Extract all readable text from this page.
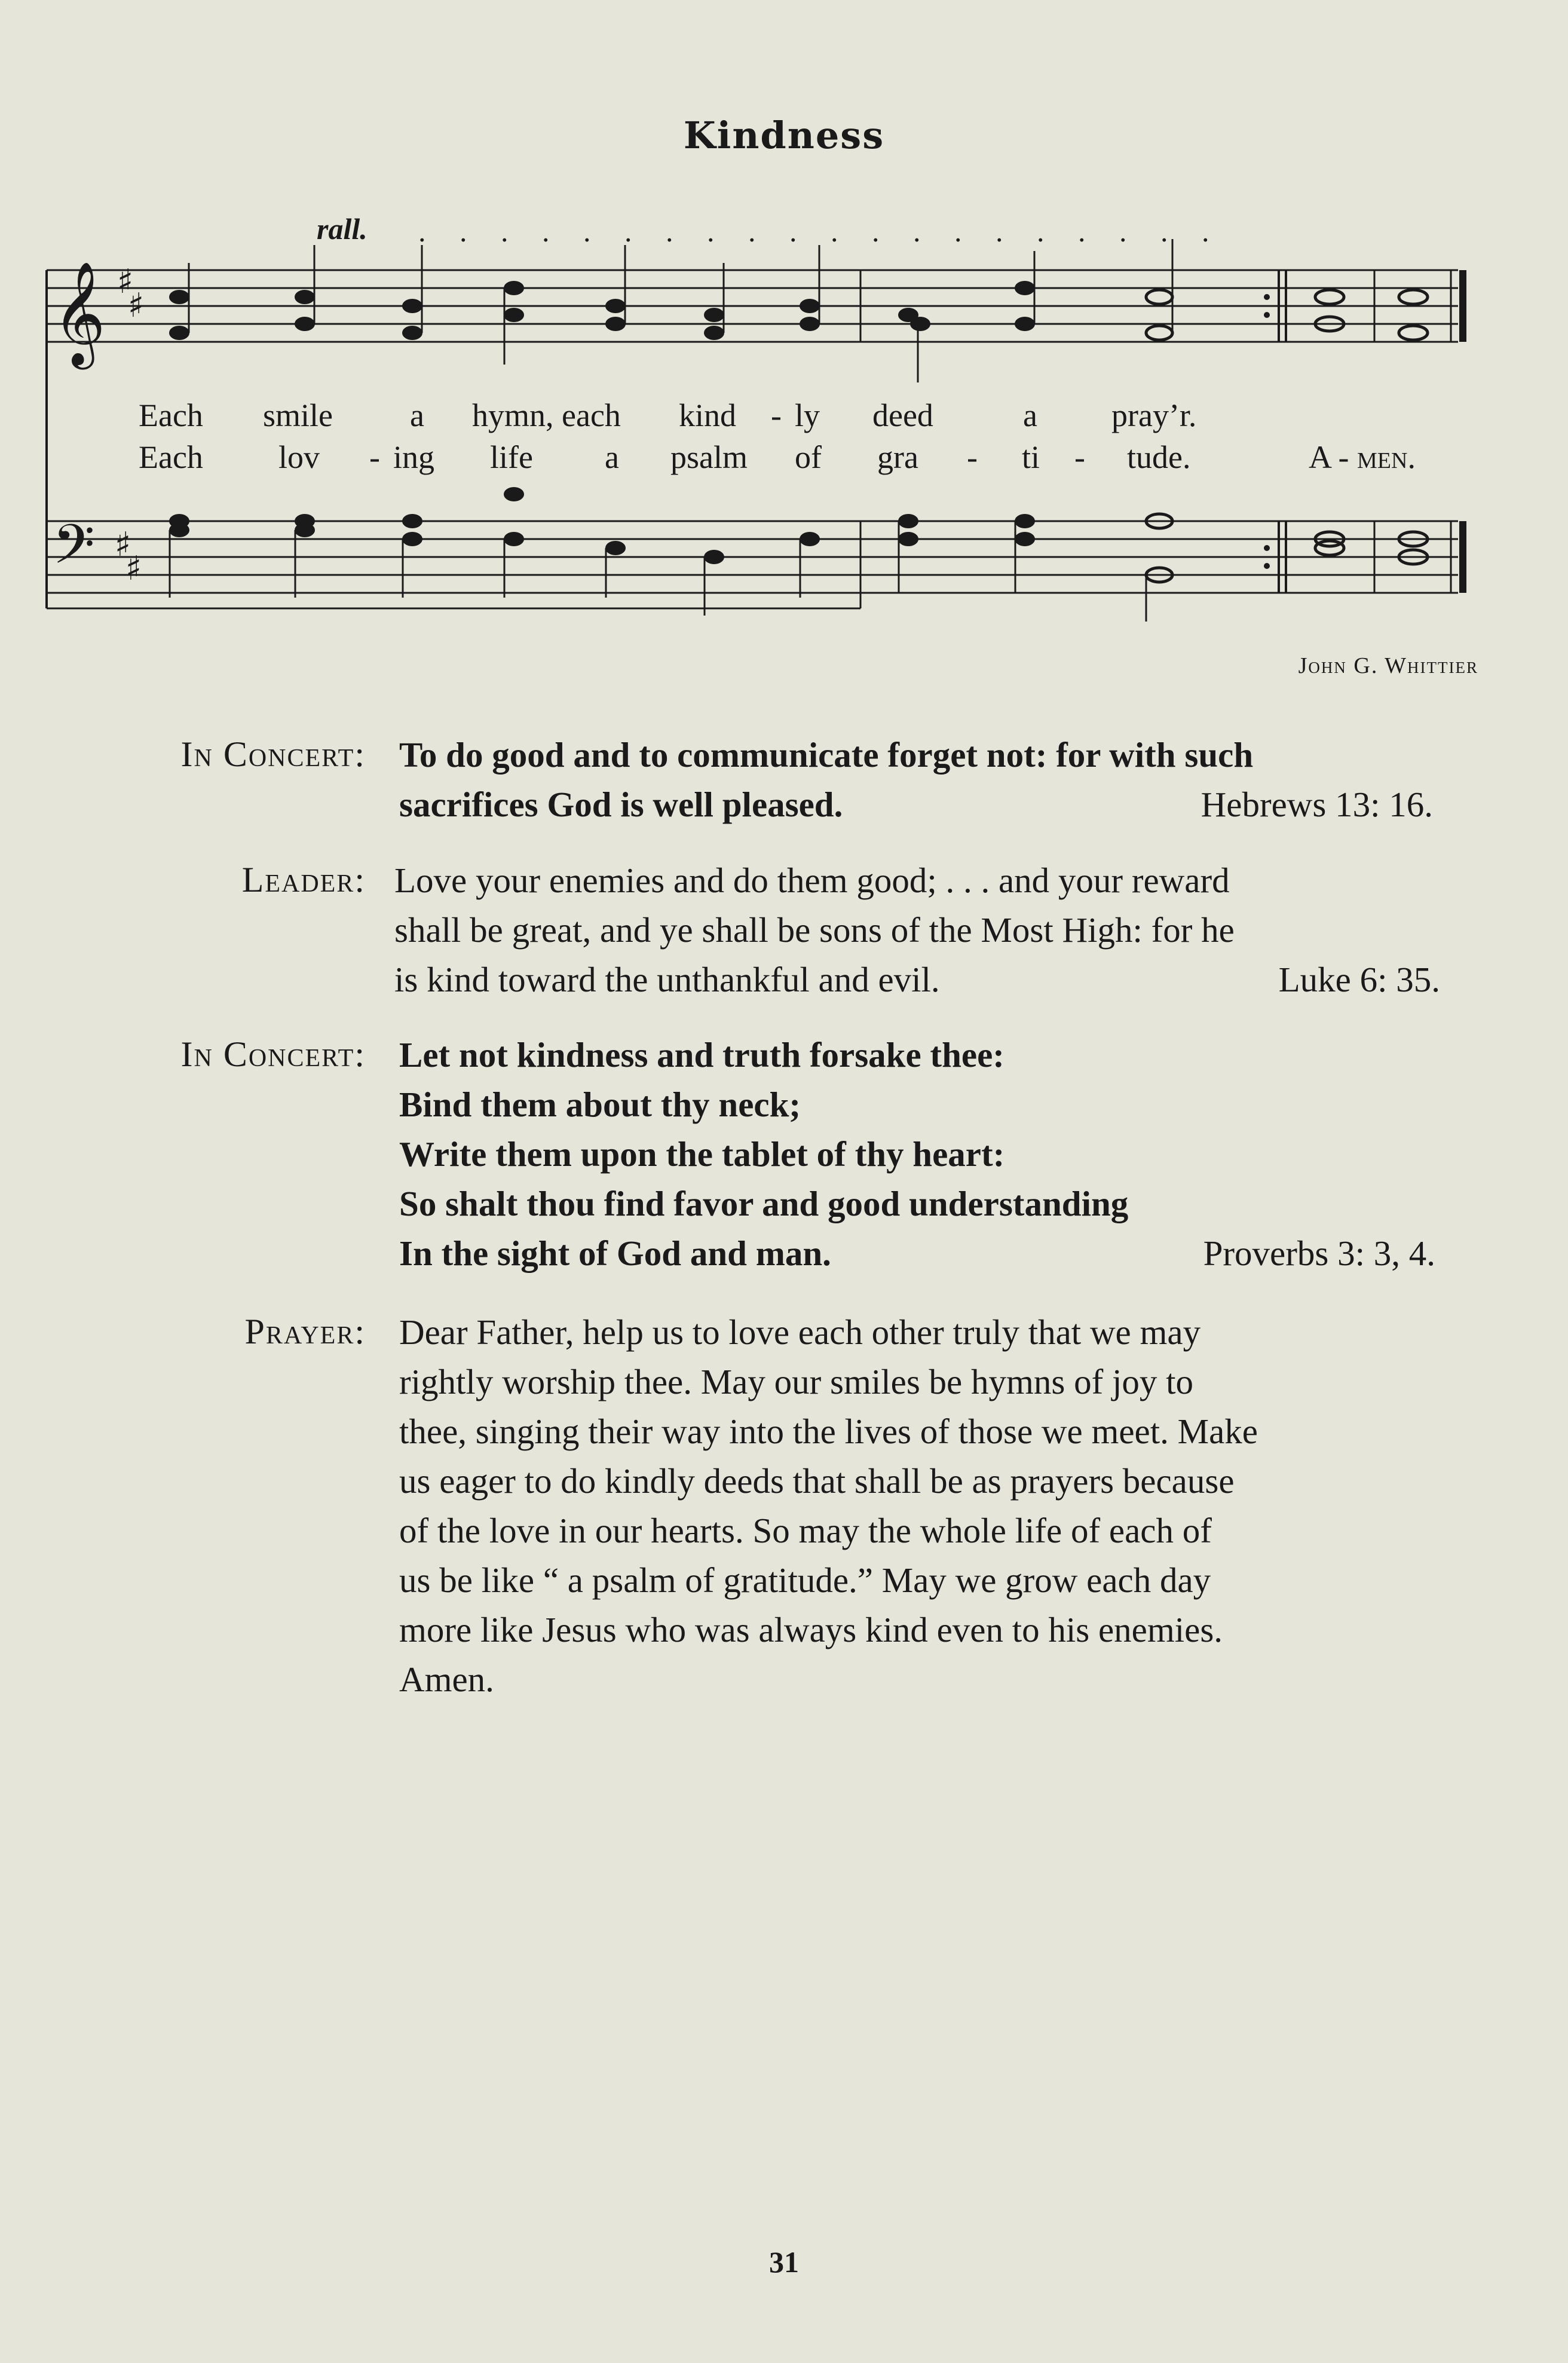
Kindness
𝄞
𝄢
♯
♯
♯
♯
rall. . . . . . . . . . . . . . . . . . . . .
Each smile a hymn, each kind - ly deed	a pray’r.
Each lov - ing life a psalm of gra - ti - tude.	A - men.
John G. Whittier
In Concert: To do good and to communicate forget not: for with such
sacrifices God is well pleased.	Hebrews 13: 16.
Leader: Love your enemies and do them good; . . . and your reward
shall be great, and ye shall be sons of the Most High: for he
is kind toward the unthankful and evil.	Luke 6: 35.
In Concert: Let not kindness and truth forsake thee:
Bind them about thy neck;
Write them upon the tablet of thy heart:
So shalt thou find favor and good understanding
In the sight of God and man.	Proverbs 3: 3, 4.
Prayer: Dear Father, help us to love each other truly that we may
rightly worship thee. May our smiles be hymns of joy to
thee, singing their way into the lives of those we meet. Make
us eager to do kindly deeds that shall be as prayers because
of the love in our hearts. So may the whole life of each of
us be like “ a psalm of gratitude.” May we grow each day
more like Jesus who was always kind even to his enemies.
Amen.
31
